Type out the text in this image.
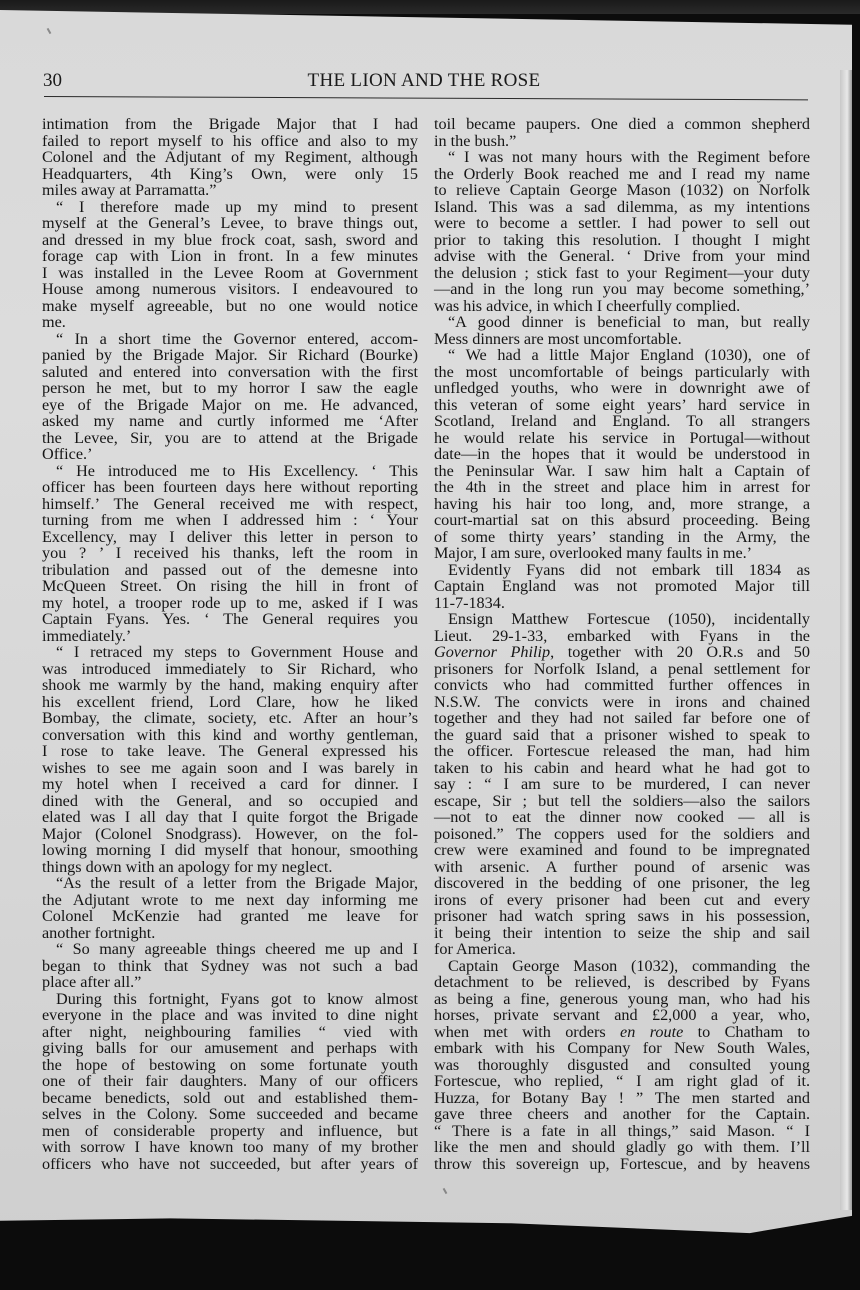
30	THE LION AND THE ROSE
intimation from the Brigade Major that I had
failed to report myself to his office and also to my
Colonel and the Adjutant of my Regiment, although
Headquarters, 4th King’s Own, were only 15
miles away at Parramatta.”
“ I therefore made up my mind to present
myself at the General’s Levee, to brave things out,
and dressed in my blue frock coat, sash, sword and
forage cap with Lion in front. In a few minutes
I was installed in the Levee Room at Government
House among numerous visitors. I endeavoured to
make myself agreeable, but no one would notice
me.
“ In a short time the Governor entered, accom-
panied by the Brigade Major. Sir Richard (Bourke)
saluted and entered into conversation with the first
person he met, but to my horror I saw the eagle
eye of the Brigade Major on me. He advanced,
asked my name and curtly informed me ‘After
the Levee, Sir, you are to attend at the Brigade
Office.’
“ He introduced me to His Excellency. ‘ This
officer has been fourteen days here without reporting
himself.’ The General received me with respect,
turning from me when I addressed him : ‘ Your
Excellency, may I deliver this letter in person to
you ? ’ I received his thanks, left the room in
tribulation and passed out of the demesne into
McQueen Street. On rising the hill in front of
my hotel, a trooper rode up to me, asked if I was
Captain Fyans. Yes. ‘ The General requires you
immediately.’
“ I retraced my steps to Government House and
was introduced immediately to Sir Richard, who
shook me warmly by the hand, making enquiry after
his excellent friend, Lord Clare, how he liked
Bombay, the climate, society, etc. After an hour’s
conversation with this kind and worthy gentleman,
I rose to take leave. The General expressed his
wishes to see me again soon and I was barely in
my hotel when I received a card for dinner. I
dined with the General, and so occupied and
elated was I all day that I quite forgot the Brigade
Major (Colonel Snodgrass). However, on the fol-
lowing morning I did myself that honour, smoothing
things down with an apology for my neglect.
“As the result of a letter from the Brigade Major,
the Adjutant wrote to me next day informing me
Colonel McKenzie had granted me leave for
another fortnight.
“ So many agreeable things cheered me up and I
began to think that Sydney was not such a bad
place after all.”
During this fortnight, Fyans got to know almost
everyone in the place and was invited to dine night
after night, neighbouring families “ vied with
giving balls for our amusement and perhaps with
the hope of bestowing on some fortunate youth
one of their fair daughters. Many of our officers
became benedicts, sold out and established them-
selves in the Colony. Some succeeded and became
men of considerable property and influence, but
with sorrow I have known too many of my brother
officers who have not succeeded, but after years of
toil became paupers. One died a common shepherd
in the bush.”
“ I was not many hours with the Regiment before
the Orderly Book reached me and I read my name
to relieve Captain George Mason (1032) on Norfolk
Island. This was a sad dilemma, as my intentions
were to become a settler. I had power to sell out
prior to taking this resolution. I thought I might
advise with the General. ‘ Drive from your mind
the delusion ; stick fast to your Regiment—your duty
—and in the long run you may become something,’
was his advice, in which I cheerfully complied.
“A good dinner is beneficial to man, but really
Mess dinners are most uncomfortable.
“ We had a little Major England (1030), one of
the most uncomfortable of beings particularly with
unfledged youths, who were in downright awe of
this veteran of some eight years’ hard service in
Scotland, Ireland and England. To all strangers
he would relate his service in Portugal—without
date—in the hopes that it would be understood in
the Peninsular War. I saw him halt a Captain of
the 4th in the street and place him in arrest for
having his hair too long, and, more strange, a
court-martial sat on this absurd proceeding. Being
of some thirty years’ standing in the Army, the
Major, I am sure, overlooked many faults in me.’
Evidently Fyans did not embark till 1834 as
Captain England was not promoted Major till
11-7-1834.
Ensign Matthew Fortescue (1050), incidentally
Lieut. 29-1-33, embarked with Fyans in the
Governor Philip, together with 20 O.R.s and 50
prisoners for Norfolk Island, a penal settlement for
convicts who had committed further offences in
N.S.W. The convicts were in irons and chained
together and they had not sailed far before one of
the guard said that a prisoner wished to speak to
the officer. Fortescue released the man, had him
taken to his cabin and heard what he had got to
say : “ I am sure to be murdered, I can never
escape, Sir ; but tell the soldiers—also the sailors
—not to eat the dinner now cooked — all is
poisoned.” The coppers used for the soldiers and
crew were examined and found to be impregnated
with arsenic. A further pound of arsenic was
discovered in the bedding of one prisoner, the leg
irons of every prisoner had been cut and every
prisoner had watch spring saws in his possession,
it being their intention to seize the ship and sail
for America.
Captain George Mason (1032), commanding the
detachment to be relieved, is described by Fyans
as being a fine, generous young man, who had his
horses, private servant and £2,000 a year, who,
when met with orders en route to Chatham to
embark with his Company for New South Wales,
was thoroughly disgusted and consulted young
Fortescue, who replied, “ I am right glad of it.
Huzza, for Botany Bay ! ” The men started and
gave three cheers and another for the Captain.
“ There is a fate in all things,” said Mason. “ I
like the men and should gladly go with them. I’ll
throw this sovereign up, Fortescue, and by heavens
